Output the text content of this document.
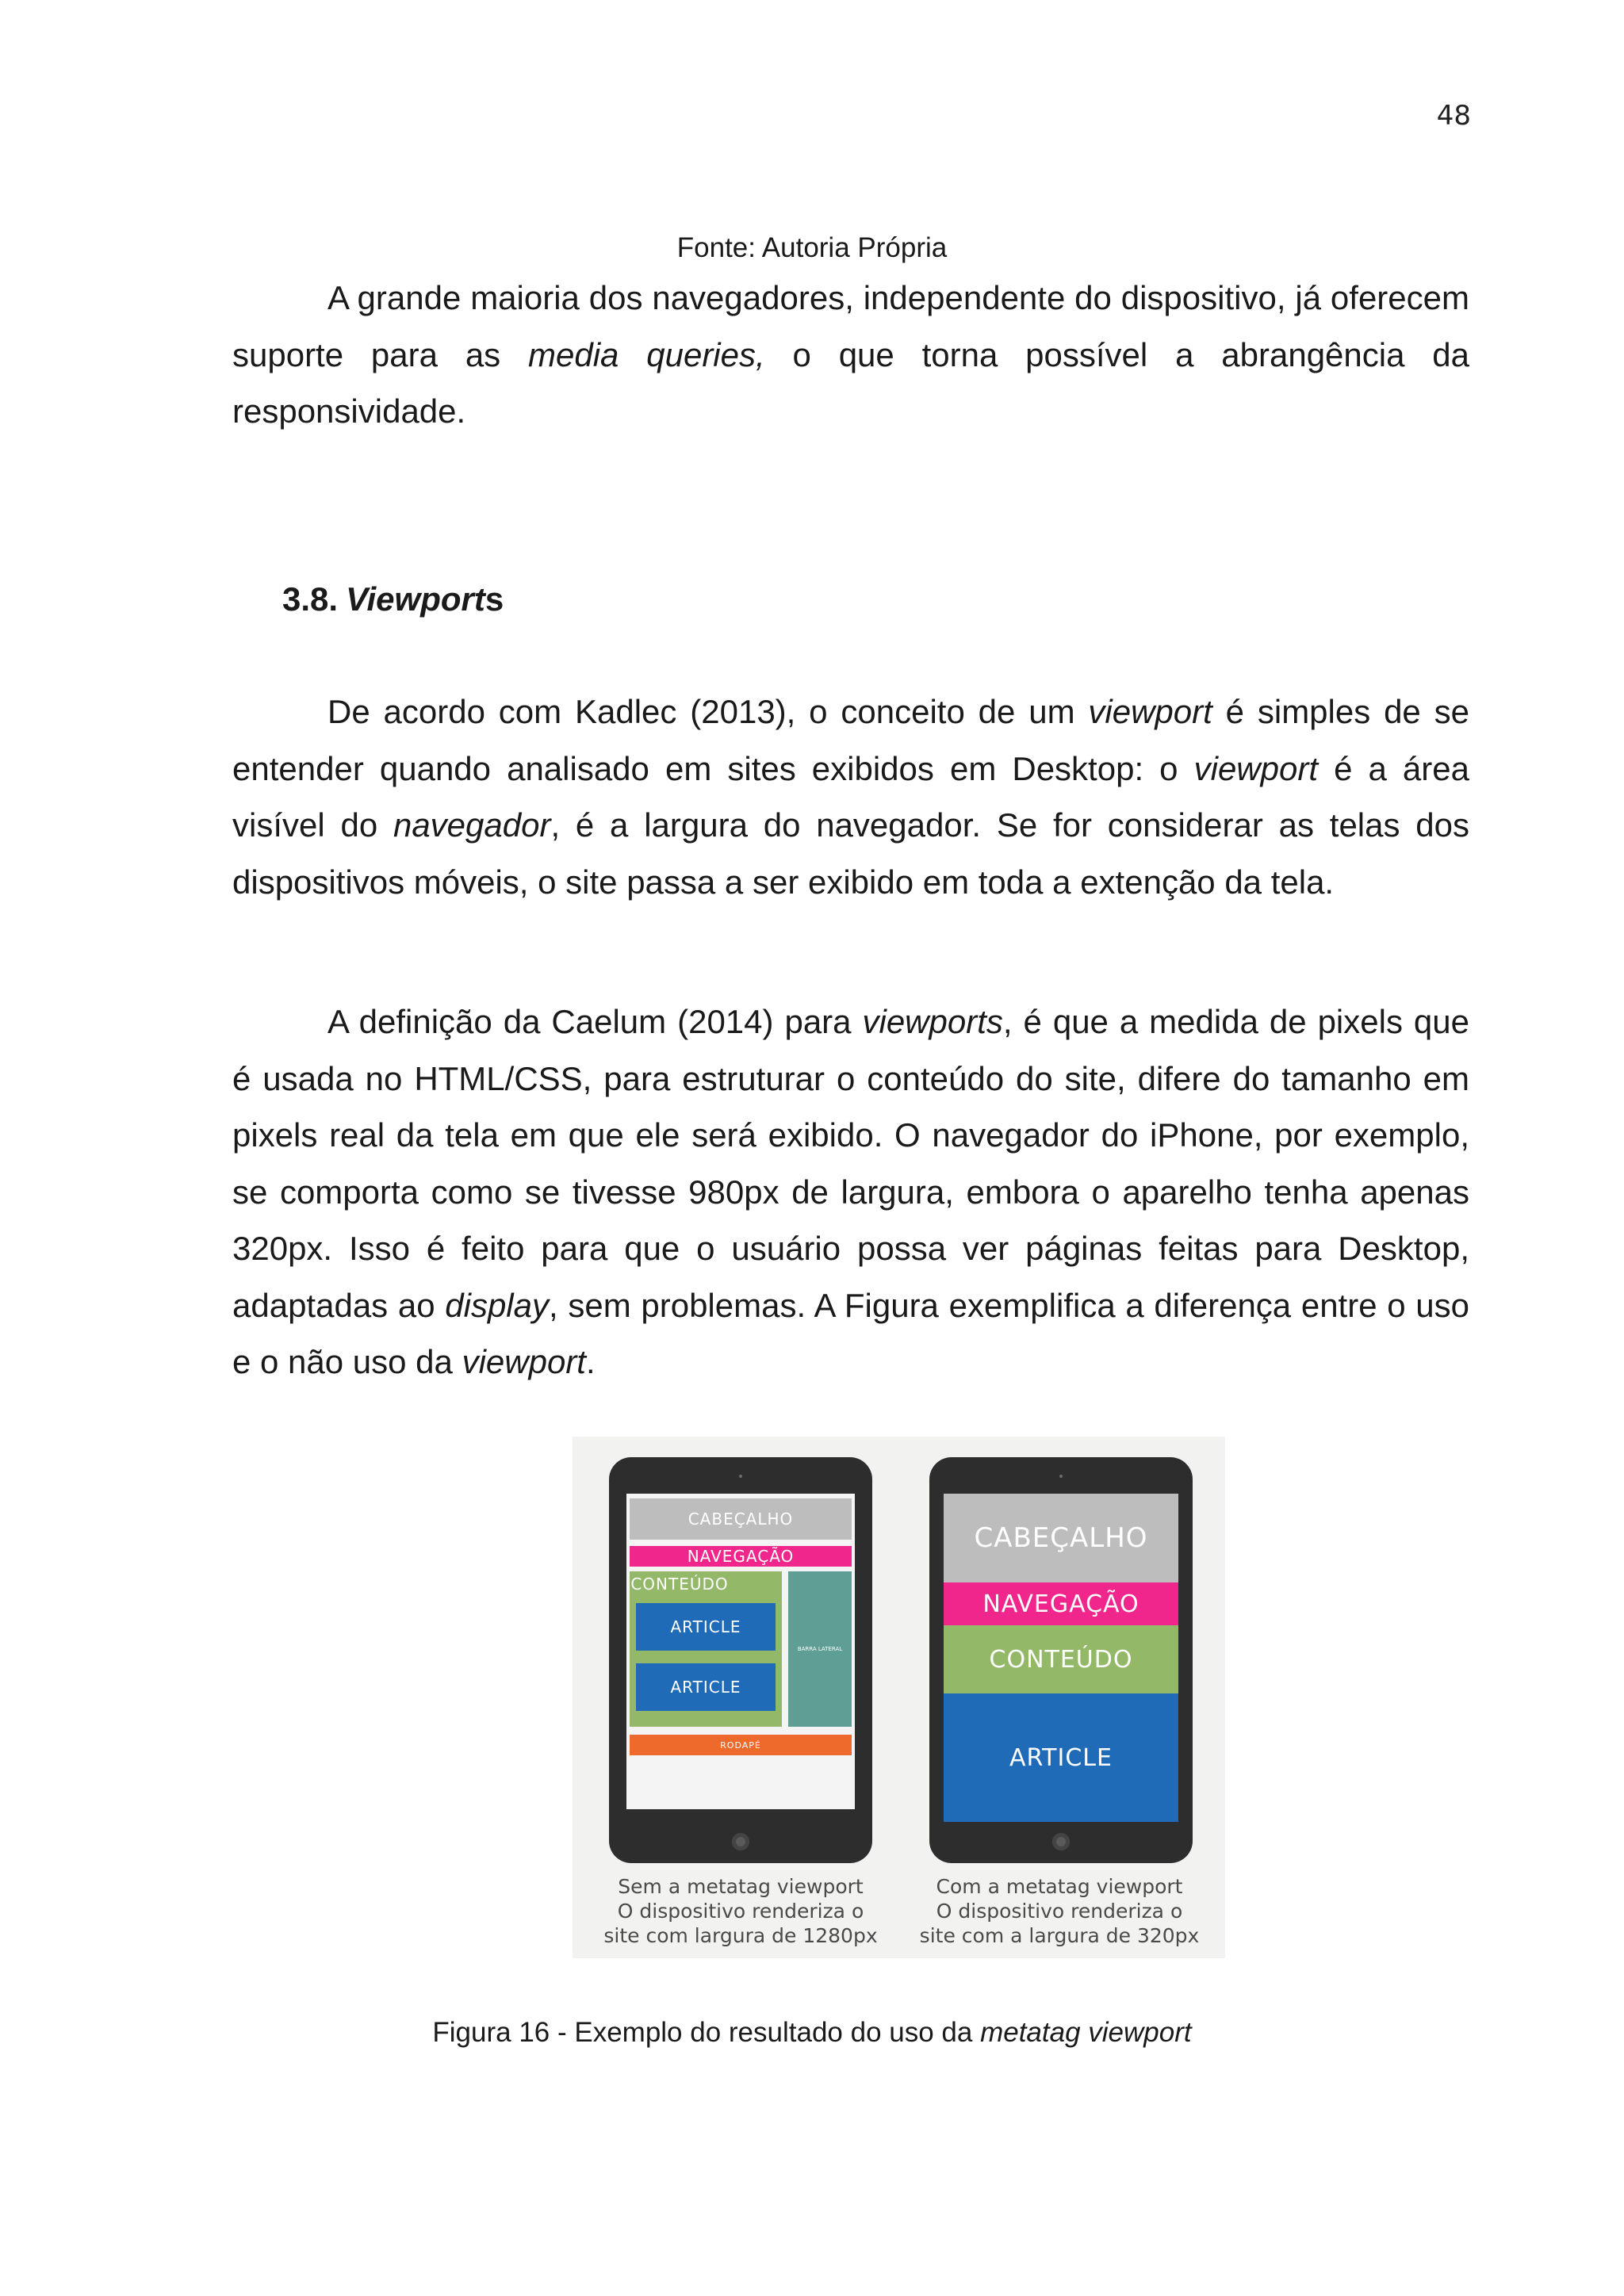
48
Fonte: Autoria Própria

A grande maioria dos navegadores, independente do dispositivo, já oferecem suporte para as media queries, o que torna possível a abrangência da responsividade.

3.8. Viewports

De acordo com Kadlec (2013), o conceito de um viewport é simples de se entender quando analisado em sites exibidos em Desktop: o viewport é a área visível do navegador, é a largura do navegador. Se for considerar as telas dos dispositivos móveis, o site passa a ser exibido em toda a extenção da tela.

A definição da Caelum (2014) para viewports, é que a medida de pixels que é usada no HTML/CSS, para estruturar o conteúdo do site, difere do tamanho em pixels real da tela em que ele será exibido. O navegador do iPhone, por exemplo, se comporta como se tivesse 980px de largura, embora o aparelho tenha apenas 320px. Isso é feito para que o usuário possa ver páginas feitas para Desktop, adaptadas ao display, sem problemas. A Figura exemplifica a diferença entre o uso e o não uso da viewport.

CABEÇALHO
NAVEGAÇÃO
CONTEÚDO
ARTICLE
ARTICLE
BARRA LATERAL
RODAPÉ
CABEÇALHO
NAVEGAÇÃO
CONTEÚDO
ARTICLE
Sem a metatag viewport
O dispositivo renderiza o
site com largura de 1280px
Com a metatag viewport
O dispositivo renderiza o
site com a largura de 320px
Figura 16 - Exemplo do resultado do uso da metatag viewport
